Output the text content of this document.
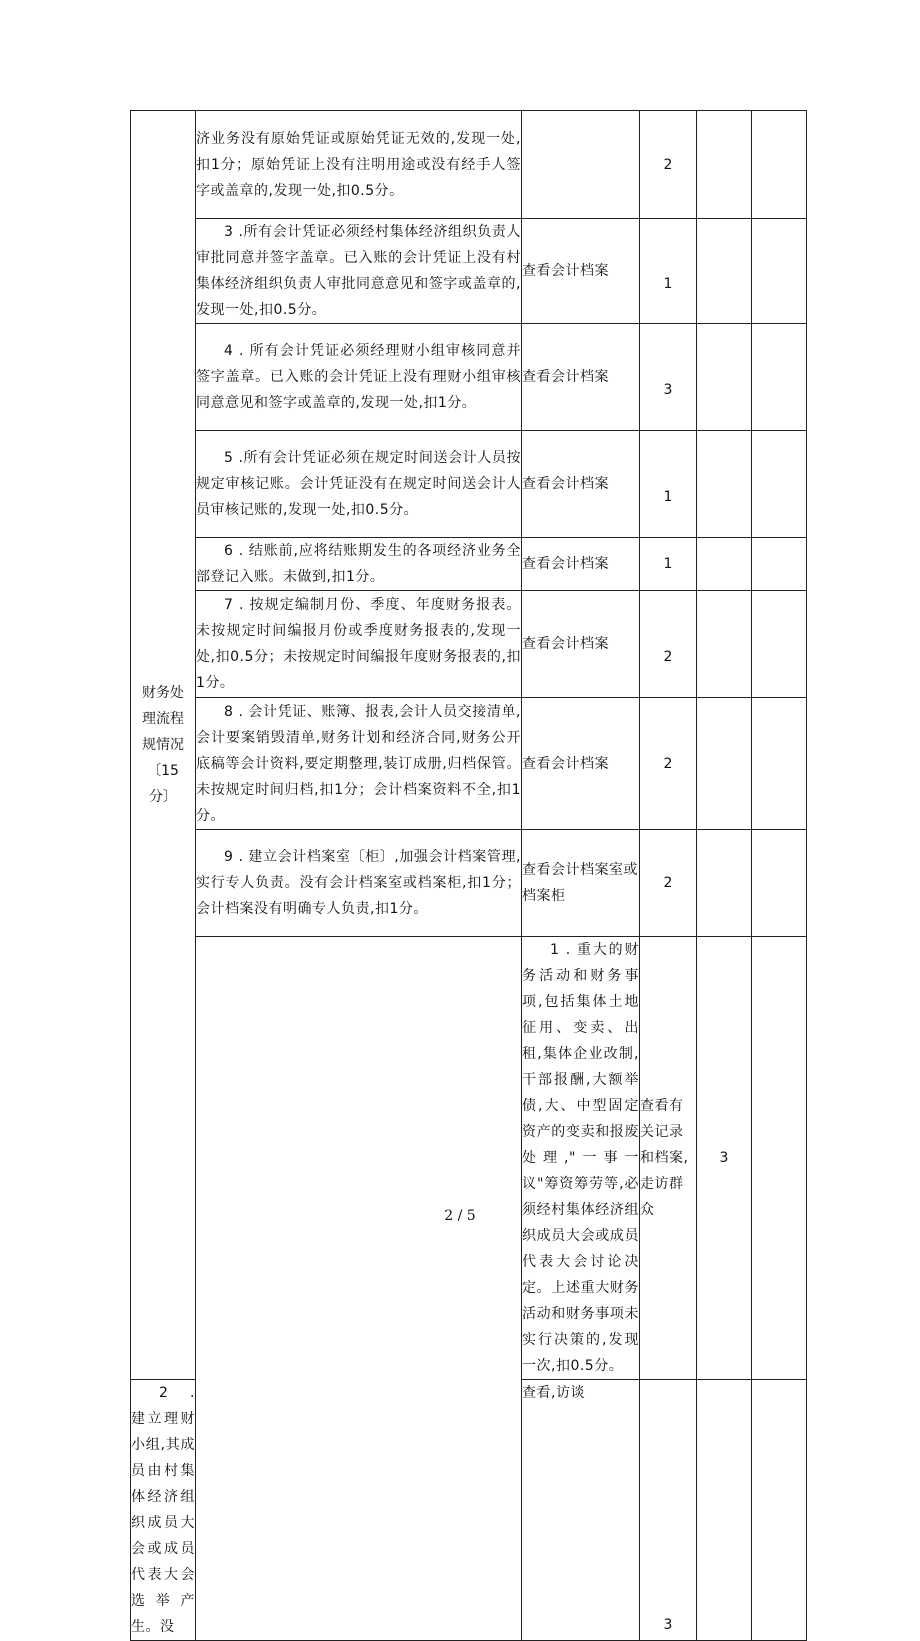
财务处理流程规情况〔15分〕	济业务没有原始凭证或原始凭证无效的,发现一处,扣1分；原始凭证上没有注明用途或没有经手人签字或盖章的,发现一处,扣0.5分。		2			

	3 .所有会计凭证必须经村集体经济组织负责人审批同意并签字盖章。已入账的会计凭证上没有村集体经济组织负责人审批同意意见和签字或盖章的,发现一处,扣0.5分。	查看会计档案	1			

	4 . 所有会计凭证必须经理财小组审核同意并签字盖章。已入账的会计凭证上没有理财小组审核同意意见和签字或盖章的,发现一处,扣1分。	查看会计档案	3			

	5 .所有会计凭证必须在规定时间送会计人员按规定审核记账。会计凭证没有在规定时间送会计人员审核记账的,发现一处,扣0.5分。	查看会计档案	1			

	6 . 结账前,应将结账期发生的各项经济业务全部登记入账。未做到,扣1分。	查看会计档案	1			

	7 . 按规定编制月份、季度、年度财务报表。未按规定时间编报月份或季度财务报表的,发现一处,扣0.5分；未按规定时间编报年度财务报表的,扣1分。	查看会计档案	2			

	8 . 会计凭证、账簿、报表,会计人员交接清单,会计要案销毁清单,财务计划和经济合同,财务公开底稿等会计资料,要定期整理,装订成册,归档保管。未按规定时间归档,扣1分；会计档案资料不全,扣1分。	查看会计档案	2			

	9 . 建立会计档案室〔柜〕,加强会计档案管理,实行专人负责。没有会计档案室或档案柜,扣1分；会计档案没有明确专人负责,扣1分。	查看会计档案室或档案柜	2			

		1 . 重大的财务活动和财务事项,包括集体土地征用、变卖、出租,集体企业改制,干部报酬,大额举债,大、中型固定资产的变卖和报废处理,"一事一议"筹资筹劳等,必须经村集体经济组织成员大会或成员代表大会讨论决定。上述重大财务活动和财务事项未实行决策的,发现一次,扣0.5分。	查看有关记录和档案,走访群众	3		

2 . 建立理财小组,其成员由村集体经济组织成员大会或成员代表大会选举产生。没		查看,访谈	3			
2 / 5
